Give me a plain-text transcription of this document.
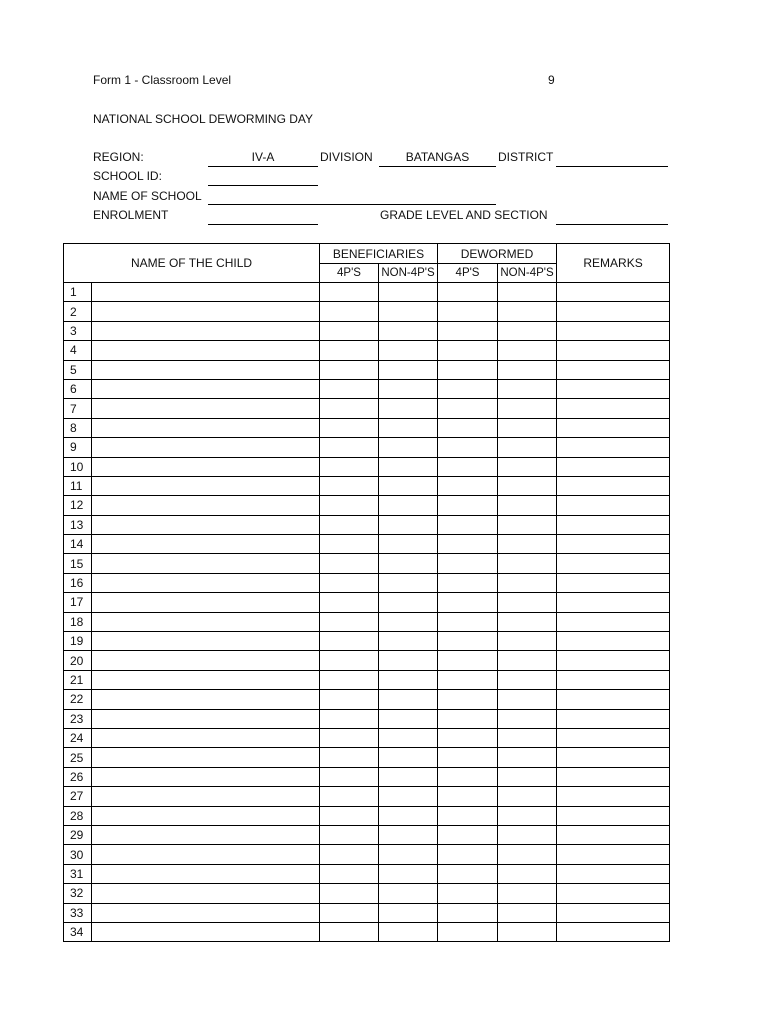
Form 1 - Classroom Level	9
NATIONAL SCHOOL DEWORMING DAY
REGION:	IV-A	DIVISION	BATANGAS	DISTRICT
SCHOOL ID:
NAME OF SCHOOL
ENROLMENT	GRADE LEVEL AND SECTION
NAME OF THE CHILD		BENEFICIARIES		DEWORMED		REMARKS
		4P'S	NON-4P'S	4P'S	NON-4P'S	
1						
2						
3						
4						
5						
6						
7						
8						
9						
10						
11						
12						
13						
14						
15						
16						
17						
18						
19						
20						
21						
22						
23						
24						
25						
26						
27						
28						
29						
30						
31						
32						
33						
34						
